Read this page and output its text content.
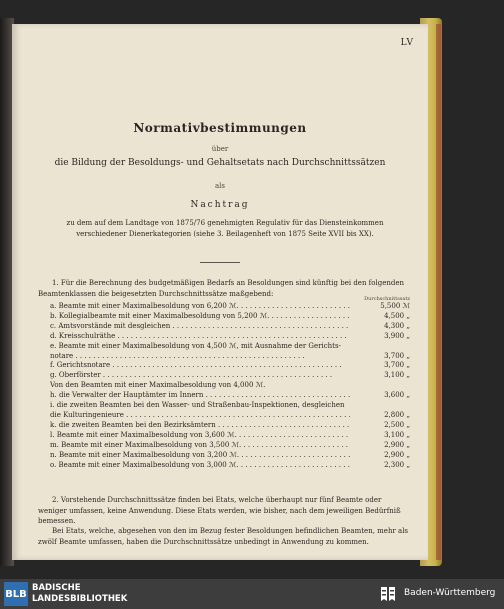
LV
Normativbestimmungen
über
die Bildung der Besoldungs- und Gehaltsetats nach Durchschnittssätzen
als
Nachtrag
zu dem auf dem Landtage von 1875/76 genehmigten Regulativ für das Diensteinkommen verschiedener Dienerkategorien (siehe 3. Beilagenheft von 1875 Seite XVII bis XX).
1. Für die Berechnung des budgetmäßigen Bedarfs an Besoldungen sind künftig bei den folgenden Beamtenklassen die beigesetzten Durchschnittssätze maßgebend:
Durchschnittssatz
a. Beamte mit einer Maximalbesoldung von 6,200 ℳ. . . .	5,500 ℳ
b. Kollegialbeamte mit einer Maximalbesoldung von 5,200 ℳ. . . .	4,500 „
c. Amtsvorstände mit desgleichen . . .	4,300 „
d. Kreisschulräthe . . .	3,900 „
e. Beamte mit einer Maximalbesoldung von 4,500 ℳ, mit Ausnahme der Gerichts-
notare . . .	3,700 „
f. Gerichtsnotare . . .	3,700 „
g. Oberförster . . .	3,100 „
Von den Beamten mit einer Maximalbesoldung von 4,000 ℳ.
h. die Verwalter der Hauptämter im Innern . . .	3,600 „
i. die zweiten Beamten bei den Wasser- und Straßenbau-Inspektionen, desgleichen
die Kulturingenieure . . .	2,800 „
k. die zweiten Beamten bei den Bezirksämtern . . .	2,500 „
l. Beamte mit einer Maximalbesoldung von 3,600 ℳ. . . .	3,100 „
m. Beamte mit einer Maximalbesoldung von 3,500 ℳ. . . .	2,900 „
n. Beamte mit einer Maximalbesoldung von 3,200 ℳ. . . .	2,900 „
o. Beamte mit einer Maximalbesoldung von 3,000 ℳ. . . .	2,300 „
2. Vorstehende Durchschnittssätze finden bei Etats, welche überhaupt nur fünf Beamte oder weniger umfassen, keine Anwendung. Diese Etats werden, wie bisher, nach dem jeweiligen Bedürfniß bemessen.
Bei Etats, welche, abgesehen von den im Bezug fester Besoldungen befindlichen Beamten, mehr als zwölf Beamte umfassen, haben die Durchschnittssätze unbedingt in Anwendung zu kommen.
BLB
BADISCHE
LANDESBIBLIOTHEK
Baden-Württemberg
